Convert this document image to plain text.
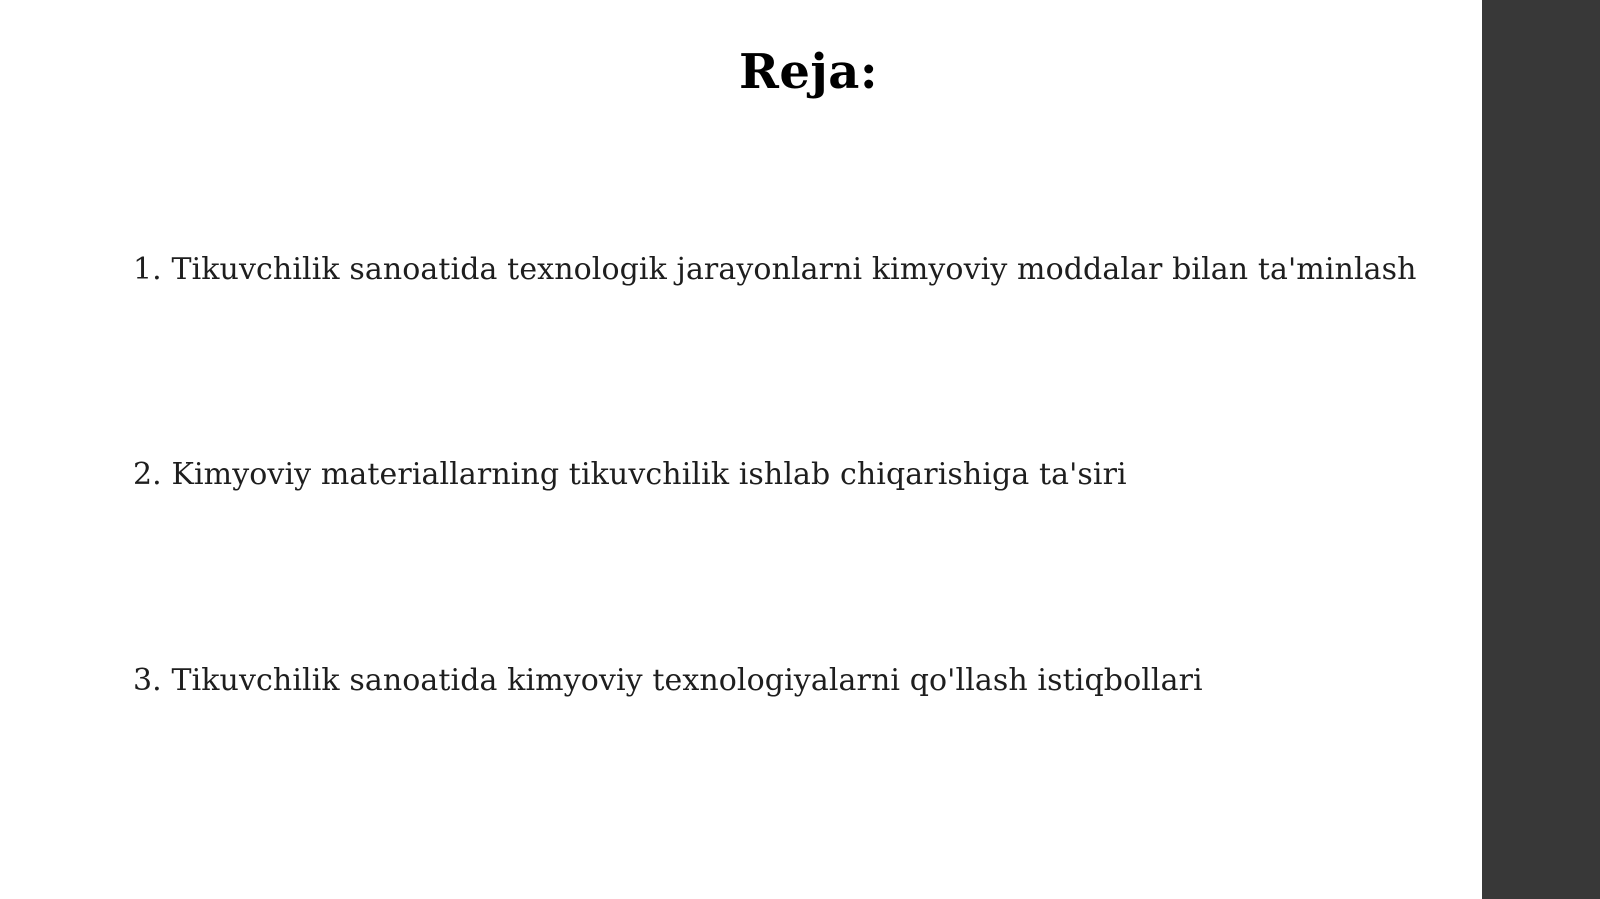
Reja:
1. Tikuvchilik sanoatida texnologik jarayonlarni kimyoviy moddalar bilan ta'minlash
2. Kimyoviy materiallarning tikuvchilik ishlab chiqarishiga ta'siri
3. Tikuvchilik sanoatida kimyoviy texnologiyalarni qo'llash istiqbollari
